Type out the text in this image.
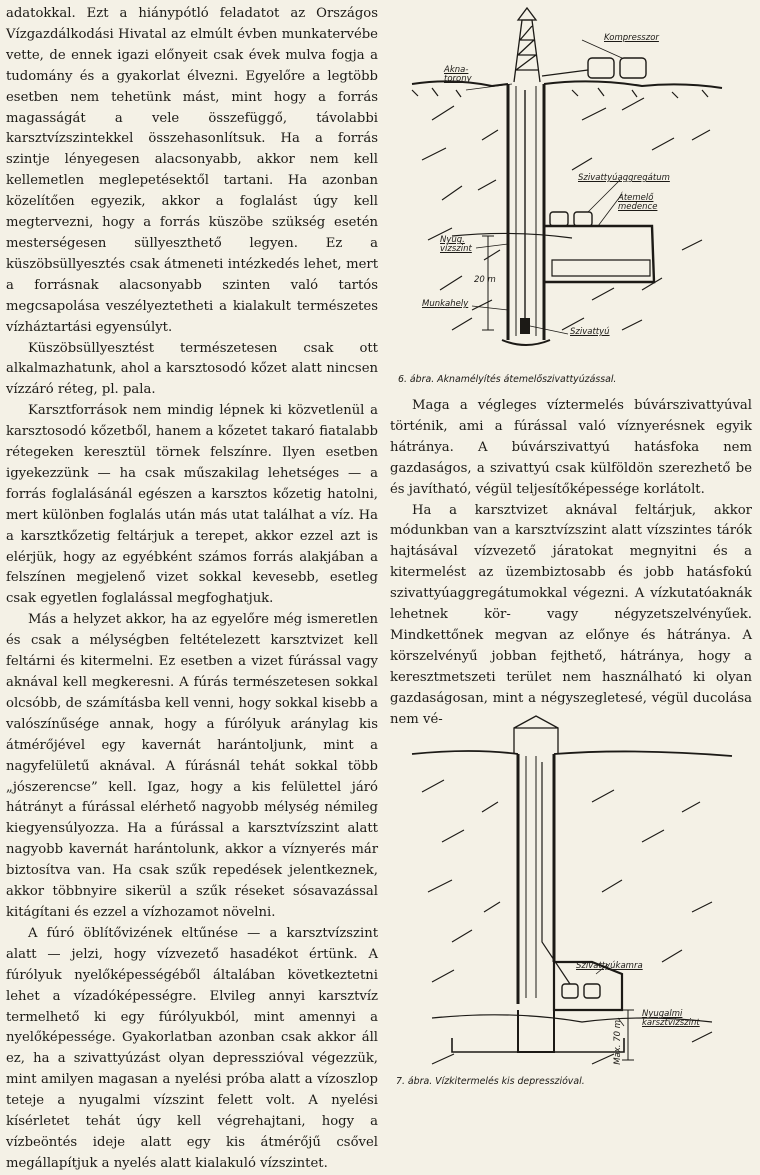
adatokkal. Ezt a hiánypótló feladatot az Országos Vízgazdálkodási Hivatal az elmúlt évben munkatervébe vette, de ennek igazi előnyeit csak évek mulva fogja a tudomány és a gyakorlat élvezni. Egyelőre a legtöbb esetben nem tehetünk mást, mint hogy a forrás magasságát a vele összefüggő, távolabbi karsztvízszintekkel összehasonlítsuk. Ha a forrás szintje lényegesen alacsonyabb, akkor nem kell kellemetlen meglepetésektől tartani. Ha azonban közelítően egyezik, akkor a foglalást úgy kell megtervezni, hogy a forrás küszöbe szükség esetén mesterségesen süllyeszthető legyen. Ez a küszöbsüllyesztés csak átmeneti intézkedés lehet, mert a forrásnak alacsonyabb szinten való tartós megcsapolása veszélyeztetheti a kialakult természetes vízháztartási egyensúlyt.

Küszöbsüllyesztést természetesen csak ott alkalmazhatunk, ahol a karsztosodó kőzet alatt nincsen vízzáró réteg, pl. pala.

Karsztforrások nem mindig lépnek ki közvetlenül a karsztosodó kőzetből, hanem a kőzetet takaró fiatalabb rétegeken keresztül törnek felszínre. Ilyen esetben igyekezzünk — ha csak műszakilag lehetséges — a forrás foglalásánál egészen a karsztos kőzetig hatolni, mert különben foglalás után más utat találhat a víz. Ha a karsztkőzetig feltárjuk a terepet, akkor ezzel azt is elérjük, hogy az egyébként számos forrás alakjában a felszínen megjelenő vizet sokkal kevesebb, esetleg csak egyetlen foglalással megfoghatjuk.

Más a helyzet akkor, ha az egyelőre még ismeretlen és csak a mélységben feltételezett karsztvizet kell feltárni és kitermelni. Ez esetben a vizet fúrással vagy aknával kell megkeresni. A fúrás természetesen sokkal olcsóbb, de számításba kell venni, hogy sokkal kisebb a valószínűsége annak, hogy a fúrólyuk aránylag kis átmérőjével egy kavernát harántoljunk, mint a nagyfelületű aknával. A fúrásnál tehát sokkal több „jószerencse” kell. Igaz, hogy a kis felülettel járó hátrányt a fúrással elérhető nagyobb mélység némileg kiegyensúlyozza. Ha a fúrással a karsztvízszint alatt nagyobb kavernát harántolunk, akkor a víznyerés már biztosítva van. Ha csak szűk repedések jelentkeznek, akkor többnyire sikerül a szűk réseket sósavazással kitágítani és ezzel a vízhozamot növelni.

A fúró öblítővizének eltűnése — a karsztvízszint alatt — jelzi, hogy vízvezető hasadékot értünk. A fúrólyuk nyelőképességéből általában következtetni lehet a vízadóképességre. Elvileg annyi karsztvíz termelhető ki egy fúrólyukból, mint amennyi a nyelőképessége. Gyakorlatban azonban csak akkor áll ez, ha a szivattyúzást olyan depresszióval végezzük, mint amilyen magasan a nyelési próba alatt a vízoszlop teteje a nyugalmi vízszint felett volt. A nyelési kísérletet tehát úgy kell végrehajtani, hogy a vízbeöntés ideje alatt egy kis átmérőjű csővel megállapítjuk a nyelés alatt kialakuló vízszintet.

Akna-
torony
Kompresszor
Szivattyúaggregátum
Átemelő
medence
Nyug.
vízszint
20 m
Munkahely
Szivattyú
6. ábra. Aknamélyítés átemelőszivattyúzással.

Maga a végleges víztermelés búvárszivattyúval történik, ami a fúrással való víznyerésnek egyik hátránya. A búvárszivattyú hatásfoka nem gazdaságos, a szivattyú csak külföldön szerezhető be és javítható, végül teljesítőképessége korlátolt.

Ha a karsztvizet aknával feltárjuk, akkor módunkban van a karsztvízszint alatt vízszintes tárók hajtásával vízvezető járatokat megnyitni és a kitermelést az üzembiztosabb és jobb hatásfokú szivattyúaggregátumokkal végezni. A vízkutatóaknák lehetnek kör- vagy négyzetszelvényűek. Mindkettőnek megvan az előnye és hátránya. A körszelvényű jobban fejthető, hátránya, hogy a keresztmetszeti terület nem használható ki olyan gazdaságosan, mint a négyszegletesé, végül ducolása nem vé-

Szivattyúkamra
Nyugalmi
karsztvízszint
Max. 70 m
7. ábra. Vízkitermelés kis depresszióval.
